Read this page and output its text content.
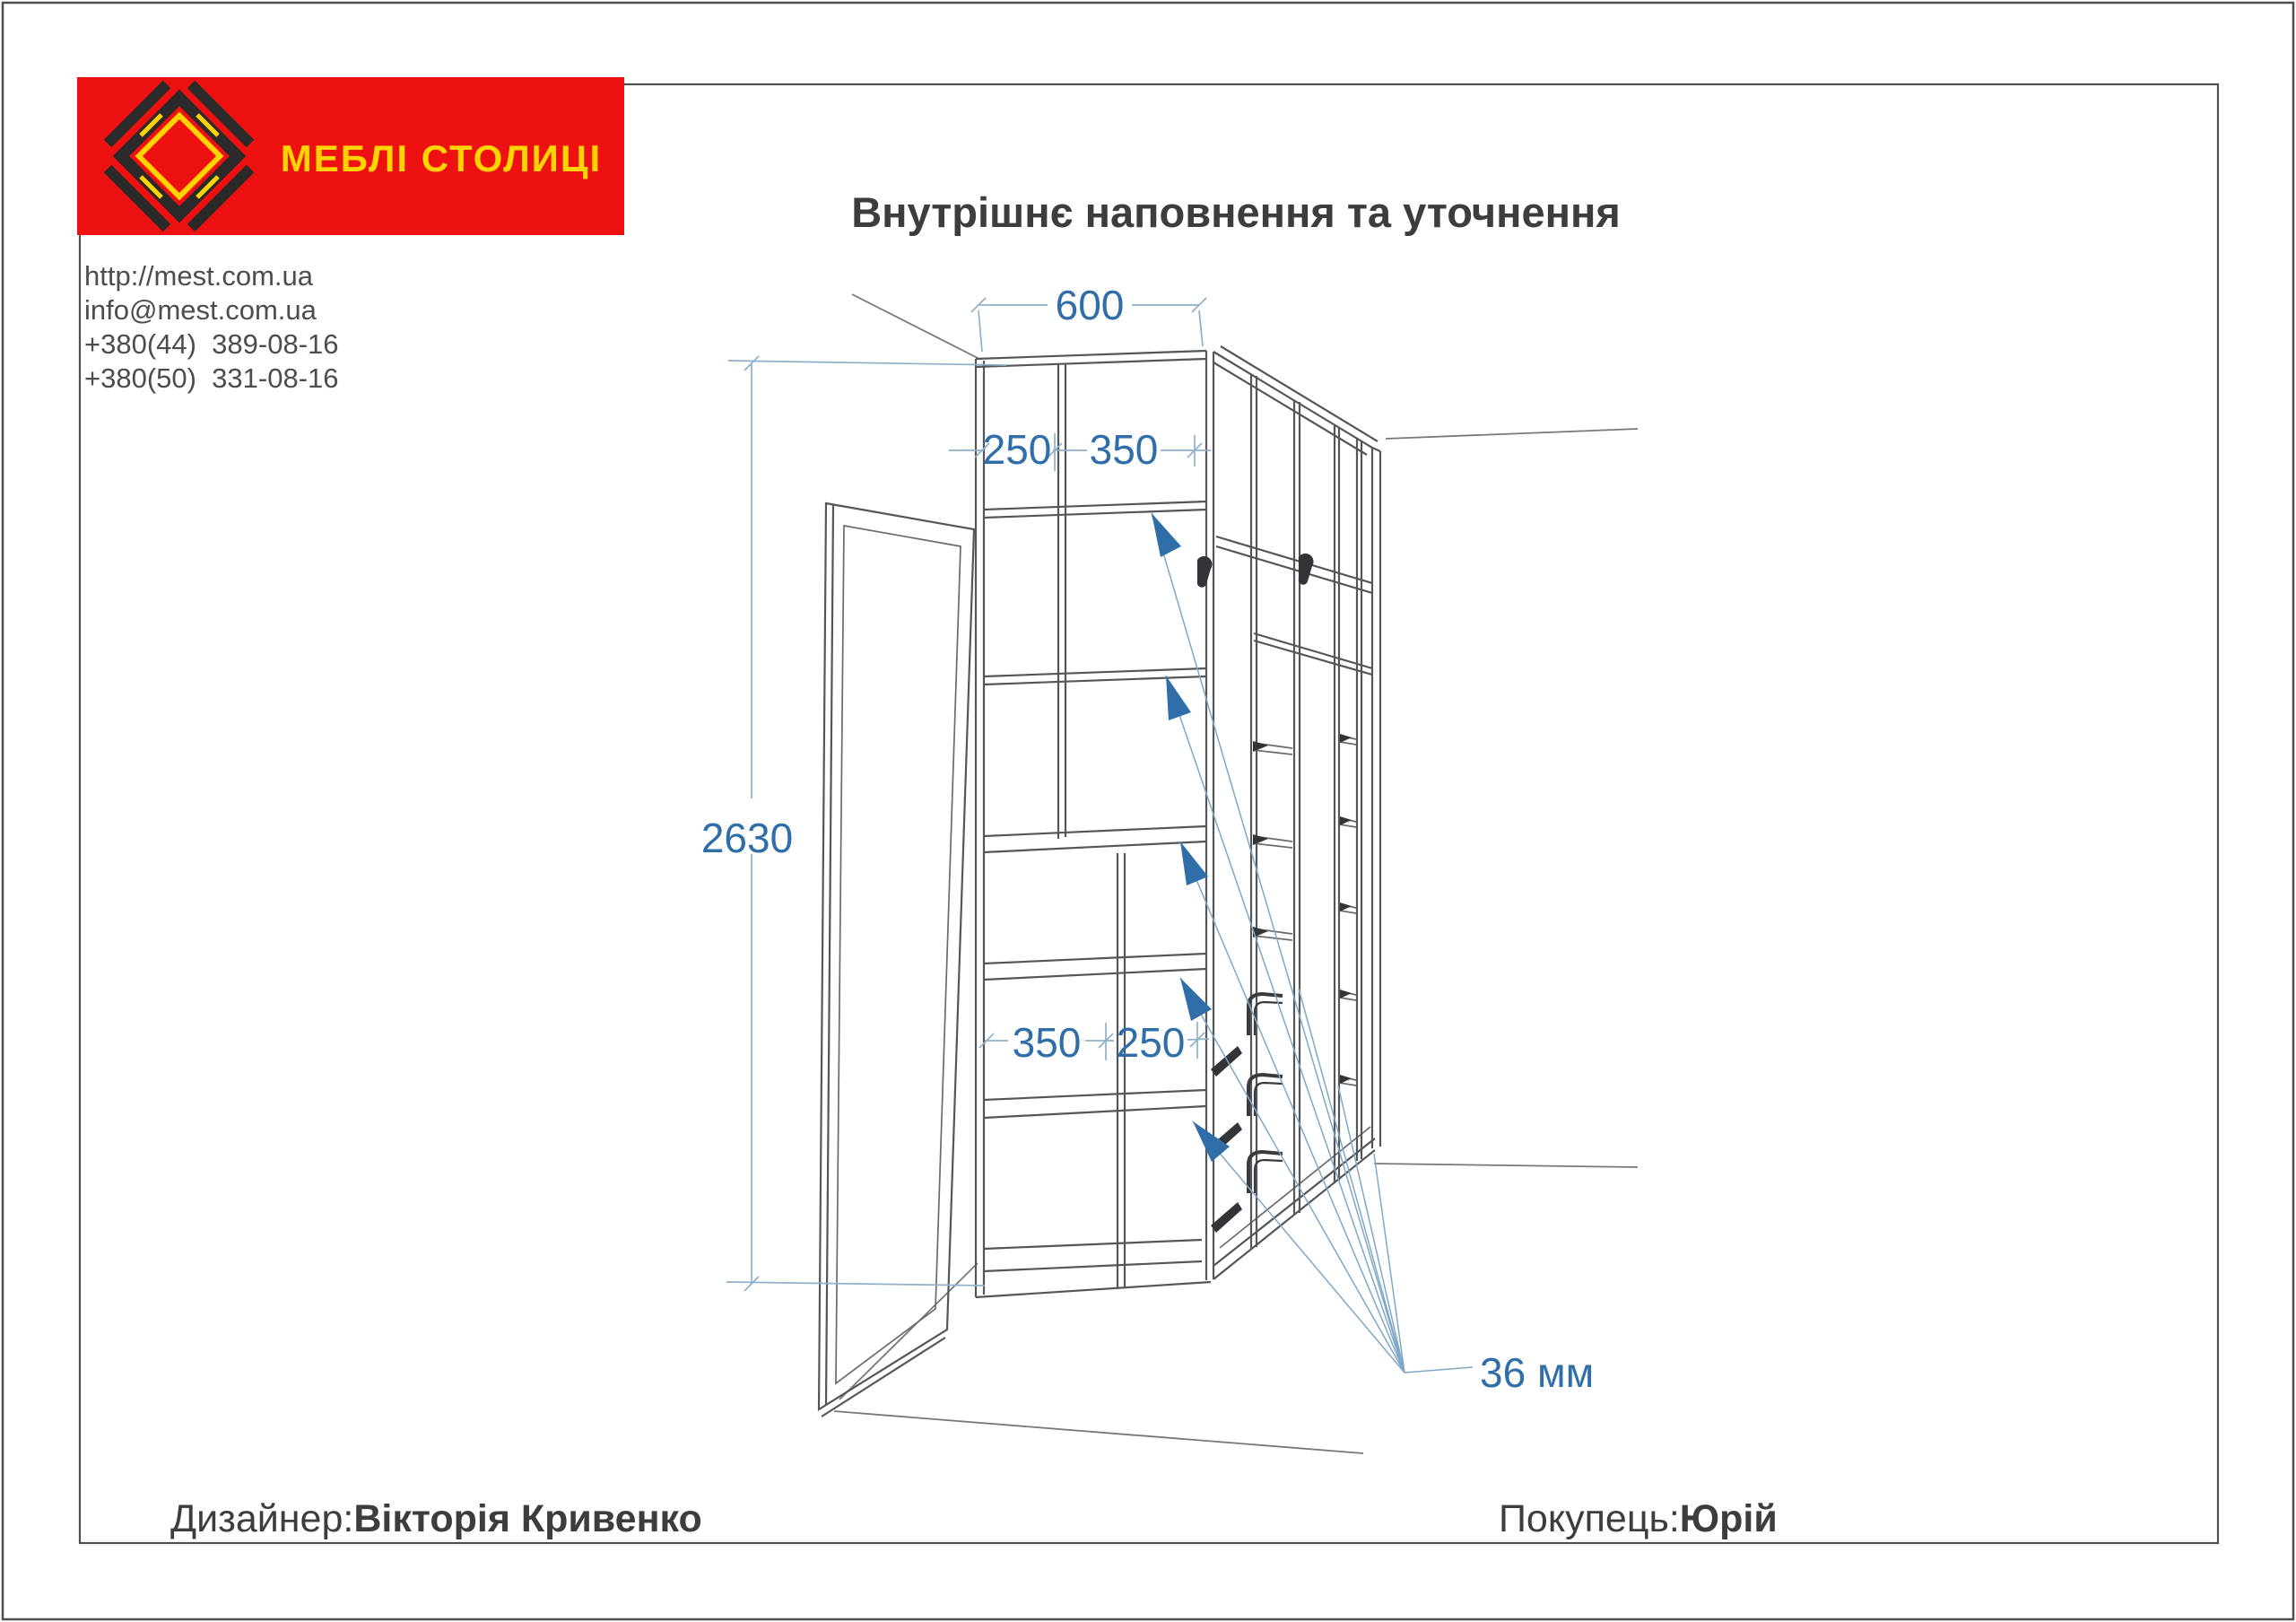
МЕБЛІ СТОЛИЦІ
http://mest.com.ua
info@mest.com.ua
+380(44)  389-08-16
+380(50)  331-08-16
Внутрішнє наповнення та уточнення
600
250 350
2630
350 250
36 мм
Дизайнер:Вікторія Кривенко	Покупець:Юрій
